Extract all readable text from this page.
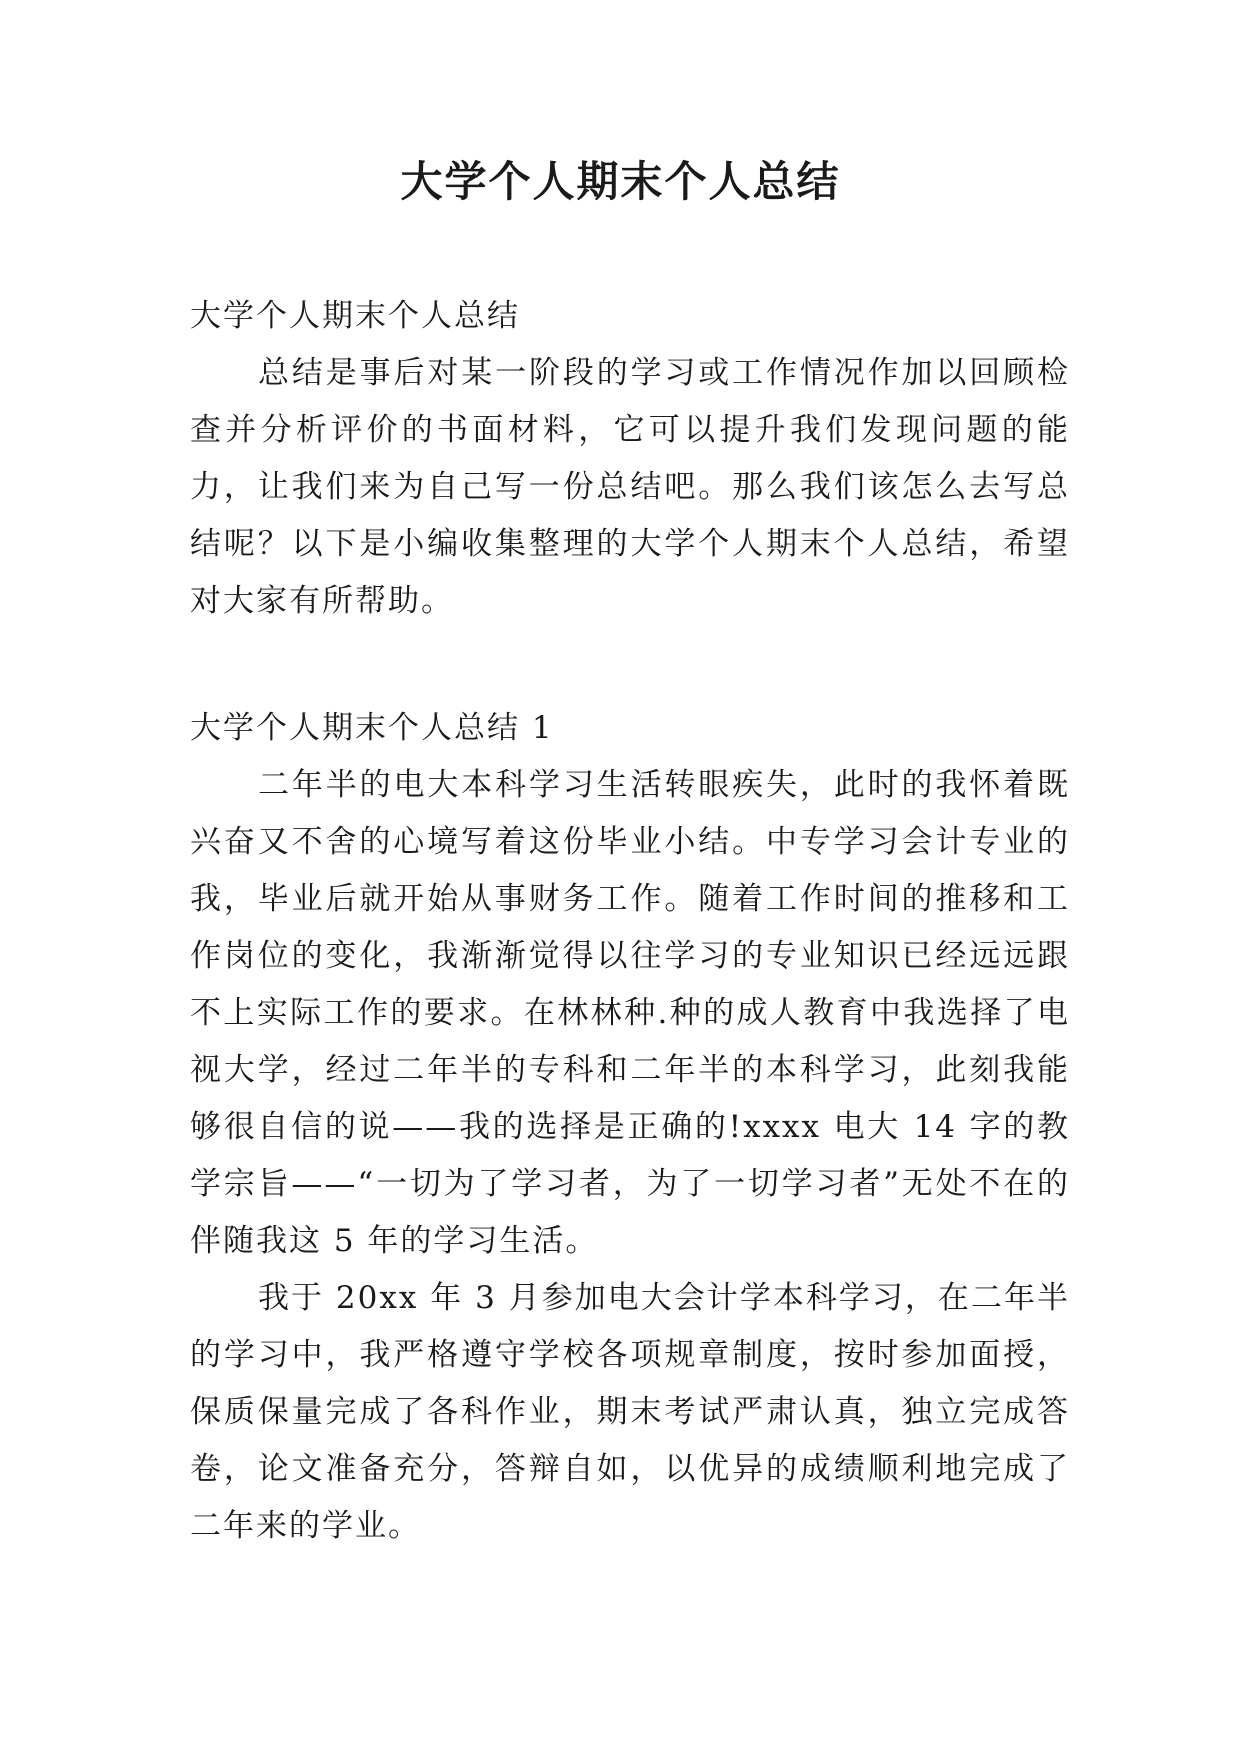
大学个人期末个人总结

大学个人期末个人总结

总结是事后对某一阶段的学习或工作情况作加以回顾检查并分析评价的书面材料，它可以提升我们发现问题的能力，让我们来为自己写一份总结吧。那么我们该怎么去写总结呢？以下是小编收集整理的大学个人期末个人总结，希望对大家有所帮助。

大学个人期末个人总结 1

二年半的电大本科学习生活转眼疾失，此时的我怀着既兴奋又不舍的心境写着这份毕业小结。中专学习会计专业的我，毕业后就开始从事财务工作。随着工作时间的推移和工作岗位的变化，我渐渐觉得以往学习的专业知识已经远远跟不上实际工作的要求。在林林种.种的成人教育中我选择了电视大学，经过二年半的专科和二年半的本科学习，此刻我能够很自信的说——我的选择是正确的!xxxx 电大 14 字的教学宗旨——“一切为了学习者，为了一切学习者”无处不在的伴随我这 5 年的学习生活。

我于 20xx 年 3 月参加电大会计学本科学习，在二年半的学习中，我严格遵守学校各项规章制度，按时参加面授，保质保量完成了各科作业，期末考试严肃认真，独立完成答卷，论文准备充分，答辩自如，以优异的成绩顺利地完成了二年来的学业。
